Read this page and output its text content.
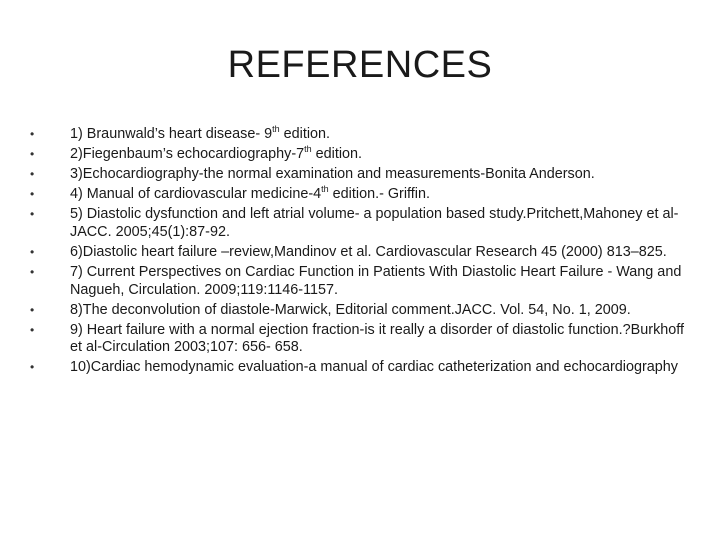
REFERENCES
•	1) Braunwald’s heart disease- 9th edition.
•	2)Fiegenbaum’s echocardiography-7th edition.
•	3)Echocardiography-the normal examination and measurements-Bonita Anderson.
•	4) Manual of cardiovascular medicine-4th edition.- Griffin.
•	5) Diastolic dysfunction and left atrial volume- a population based study.Pritchett,Mahoney et al- JACC. 2005;45(1):87-92.
•	6)Diastolic heart failure –review,Mandinov et al. Cardiovascular Research 45 (2000) 813–825.
•	7) Current Perspectives on Cardiac Function in Patients With Diastolic Heart Failure - Wang and Nagueh, Circulation. 2009;119:1146-1157.
•	8)The deconvolution of diastole-Marwick, Editorial comment.JACC. Vol. 54, No. 1, 2009.
•	9) Heart failure with a normal ejection fraction-is it really a disorder of diastolic function.?Burkhoff et al-Circulation 2003;107: 656- 658.
•	10)Cardiac hemodynamic evaluation-a manual of cardiac catheterization and echocardiography
